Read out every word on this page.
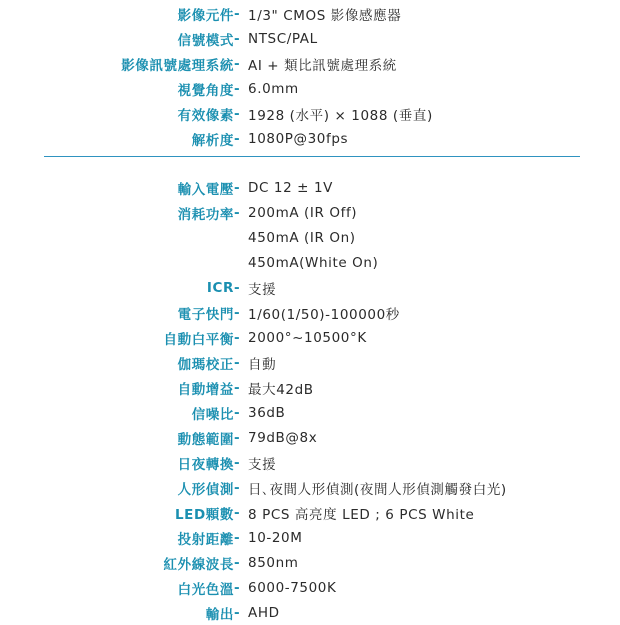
影像元件 - 1/3" CMOS 影像感應器
信號模式 - NTSC/PAL
影像訊號處理系統 - AI + 類比訊號處理系統
視覺角度 - 6.0mm
有效像素 - 1928 (水平) × 1088 (垂直)
解析度 - 1080P@30fps
輸入電壓 - DC 12 ± 1V
消耗功率 - 200mA (IR Off)
450mA (IR On)
450mA(White On)
ICR - 支援
電子快門 - 1/60(1/50)-100000秒
自動白平衡 - 2000°~10500°K
伽瑪校正 - 自動
自動增益 - 最大42dB
信噪比 - 36dB
動態範圍 - 79dB@8x
日夜轉換 - 支援
人形偵測 - 日､夜間人形偵測(夜間人形偵測觸發白光)
LED顆數 - 8 PCS 高亮度 LED ; 6 PCS White
投射距離 - 10-20M
紅外線波長 - 850nm
白光色溫 - 6000-7500K
輸出 - AHD
